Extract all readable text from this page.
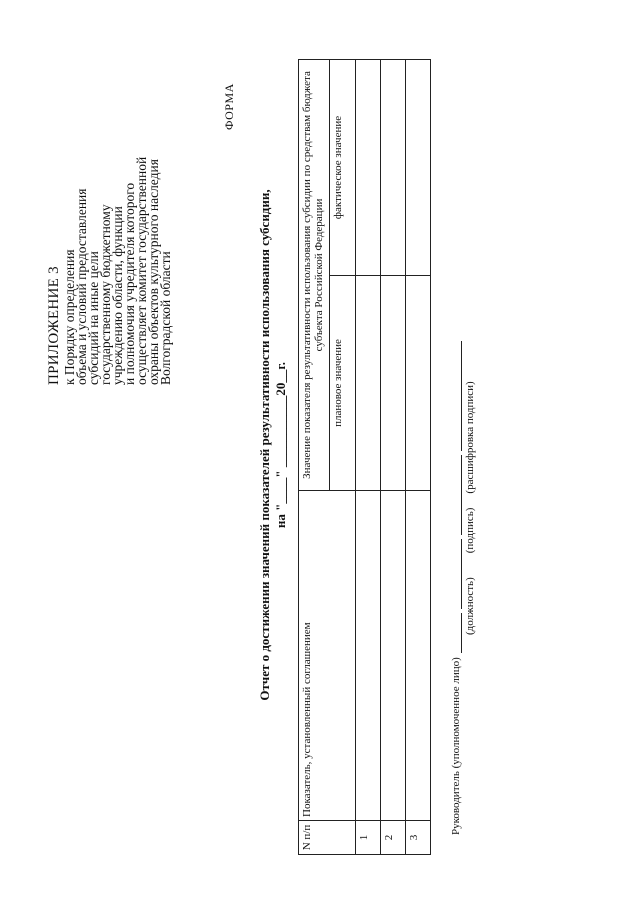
ПРИЛОЖЕНИЕ 3 к Порядку определения
объема и условий предоставления
субсидий на иные цели
государственному бюджетному
учреждению области, функции
и полномочия учредителя которого
осуществляет комитет государственной
охраны объектов культурного наследия
Волгоградской области
ФОРМА
Отчет о достижении значений показателей результативности использования субсидии, на "____" ___________20__г.
N п/п	Показатель, установленный соглашением	Значение показателя результативности использования субсидии по средствам бюджета субъекта Российской Федерации	
		плановое значение	фактическое значение
1			
2			
3			
Руководитель (уполномоченное лицо)
(должность)
(подпись)
(расшифровка подписи)
